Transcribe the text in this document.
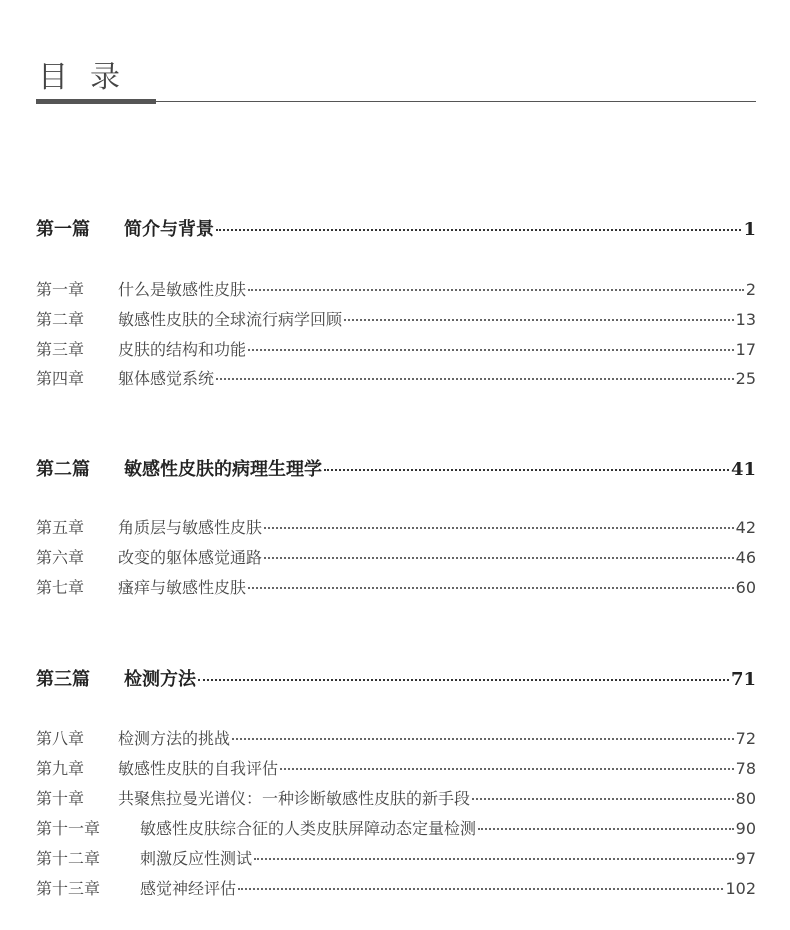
目录
第一篇	简介与背景	1
第一章	什么是敏感性皮肤	2
第二章	敏感性皮肤的全球流行病学回顾	13
第三章	皮肤的结构和功能	17
第四章	躯体感觉系统	25
第二篇	敏感性皮肤的病理生理学	41
第五章	角质层与敏感性皮肤	42
第六章	改变的躯体感觉通路	46
第七章	瘙痒与敏感性皮肤	60
第三篇	检测方法	71
第八章	检测方法的挑战	72
第九章	敏感性皮肤的自我评估	78
第十章	共聚焦拉曼光谱仪：一种诊断敏感性皮肤的新手段	80
第十一章	敏感性皮肤综合征的人类皮肤屏障动态定量检测	90
第十二章	刺激反应性测试	97
第十三章	感觉神经评估	102
